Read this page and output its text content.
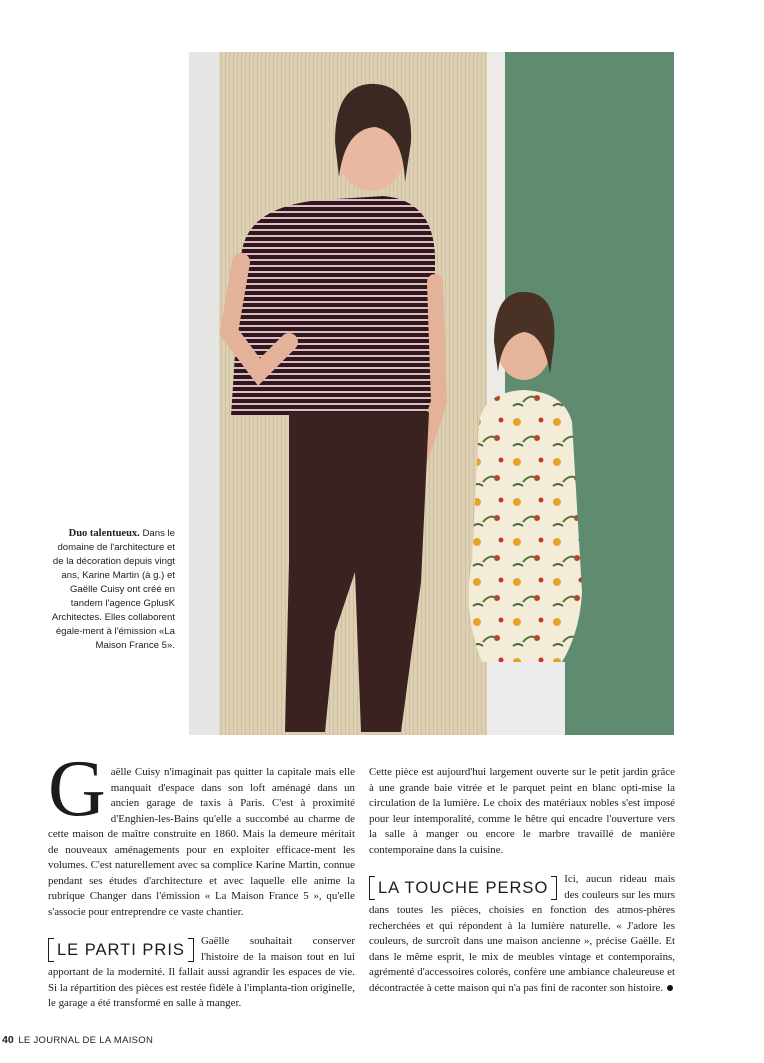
Duo talentueux. Dans le domaine de l'architecture et de la décoration depuis vingt ans, Karine Martin (à g.) et Gaëlle Cuisy ont créé en tandem l'agence GplusK Architectes. Elles collaborent égale-ment à l'émission «La Maison France 5».

Gaëlle Cuisy n'imaginait pas quitter la capitale mais elle manquait d'espace dans son loft aménagé dans un ancien garage de taxis à Paris. C'est à proximité d'Enghien-les-Bains qu'elle a succombé au charme de cette maison de maître construite en 1860. Mais la demeure méritait de nouveaux aménagements pour en exploiter efficace-ment les volumes. C'est naturellement avec sa complice Karine Martin, connue pendant ses études d'architecture et avec laquelle elle anime la rubrique Changer dans l'émission « La Maison France 5 », qu'elle s'associe pour entreprendre ce vaste chantier.

LE PARTI PRIS	Gaëlle souhaitait conserver l'histoire de la maison tout en lui apportant de la modernité. Il fallait aussi agrandir les espaces de vie. Si la répartition des pièces est restée fidèle à l'implanta-tion originelle, le garage a été transformé en salle à manger.

Cette pièce est aujourd'hui largement ouverte sur le petit jardin grâce à une grande baie vitrée et le parquet peint en blanc opti-mise la circulation de la lumière. Le choix des matériaux nobles s'est imposé pour leur intemporalité, comme le hêtre qui encadre l'ouverture vers la salle à manger ou encore le marbre travaillé de manière contemporaine dans la cuisine.

LA TOUCHE PERSO	Ici, aucun rideau mais des couleurs sur les murs dans toutes les pièces, choisies en fonction des atmos-phères recherchées et qui répondent à la lumière naturelle. « J'adore les couleurs, de surcroît dans une maison ancienne », précise Gaëlle. Et dans le même esprit, le mix de meubles vintage et contemporains, agrémenté d'accessoires colorés, confère une ambiance chaleureuse et décontractée à cette maison qui n'a pas fini de raconter son histoire.

40 LE JOURNAL DE LA MAISON
